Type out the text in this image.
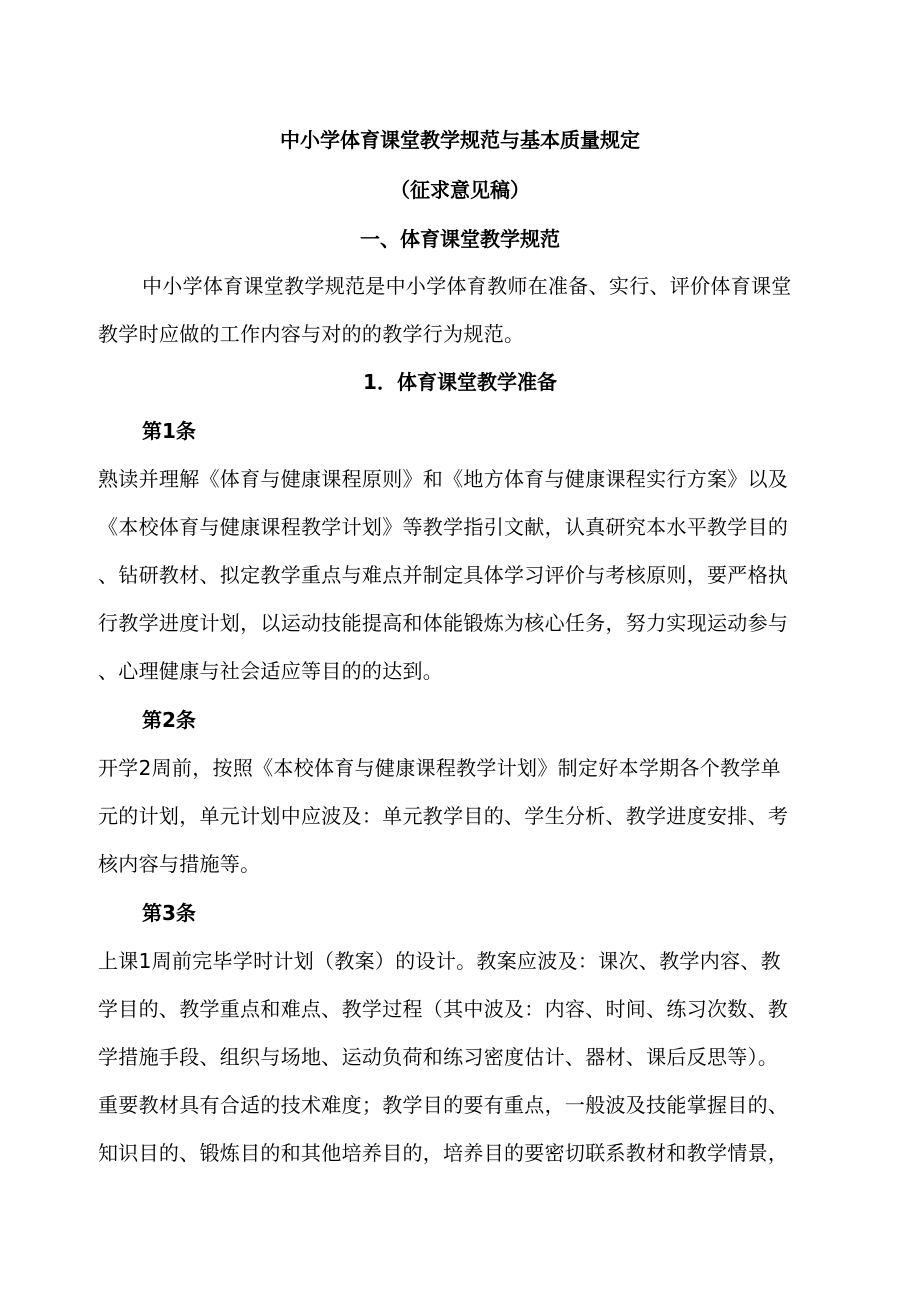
中小学体育课堂教学规范与基本质量规定
（征求意见稿）
一、体育课堂教学规范
中小学体育课堂教学规范是中小学体育教师在准备、实行、评价体育课堂
教学时应做的工作内容与对的的教学行为规范。
1．体育课堂教学准备
第1条
熟读并理解《体育与健康课程原则》和《地方体育与健康课程实行方案》以及
《本校体育与健康课程教学计划》等教学指引文献，认真研究本水平教学目的
、钻研教材、拟定教学重点与难点并制定具体学习评价与考核原则，要严格执
行教学进度计划，以运动技能提高和体能锻炼为核心任务，努力实现运动参与
、心理健康与社会适应等目的的达到。
第2条
开学2周前，按照《本校体育与健康课程教学计划》制定好本学期各个教学单
元的计划，单元计划中应波及：单元教学目的、学生分析、教学进度安排、考
核内容与措施等。
第3条
上课1周前完毕学时计划（教案）的设计。教案应波及：课次、教学内容、教
学目的、教学重点和难点、教学过程（其中波及：内容、时间、练习次数、教
学措施手段、组织与场地、运动负荷和练习密度估计、器材、课后反思等）。
重要教材具有合适的技术难度；教学目的要有重点，一般波及技能掌握目的、
知识目的、锻炼目的和其他培养目的，培养目的要密切联系教材和教学情景，
